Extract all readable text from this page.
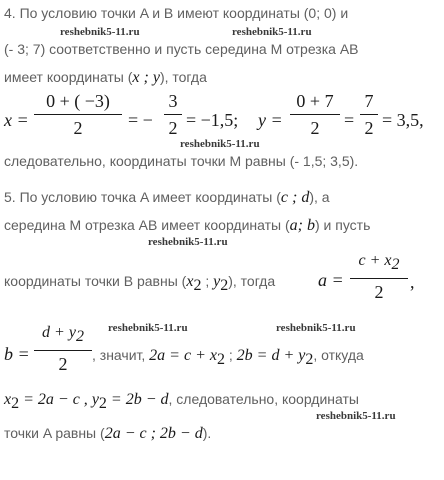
4. По условию точки A и B имеют координаты (0; 0) и
(- 3; 7) соответственно и пусть середина M отрезка AB
имеет координаты (x ; y), тогда
x =
0 + ( −3)
2	= −
3
2 = −1,5; y =
0 + 7
2	=
7
2 = 3,5,
следовательно, координаты точки M равны (- 1,5; 3,5).
5. По условию точка A имеет координаты (c ; d), а
середина M отрезка AB имеет координаты (a; b) и пусть
координаты точки B равны ($x_2$ ; $y_2$), тогда a =
$c + x_2$
2	,
b =
$d + y_2$
2	, значит, $2a = c + x_2$ ; $2b = d + y_2$, откуда
$x_2 = 2a - c$ , $y_2 = 2b - d$, следовательно, координаты
точки A равны (2a − c ; 2b − d).
reshebnik5-11.ru	reshebnik5-11.ru
reshebnik5-11.ru
reshebnik5-11.ru
reshebnik5-11.ru	reshebnik5-11.ru
reshebnik5-11.ru
